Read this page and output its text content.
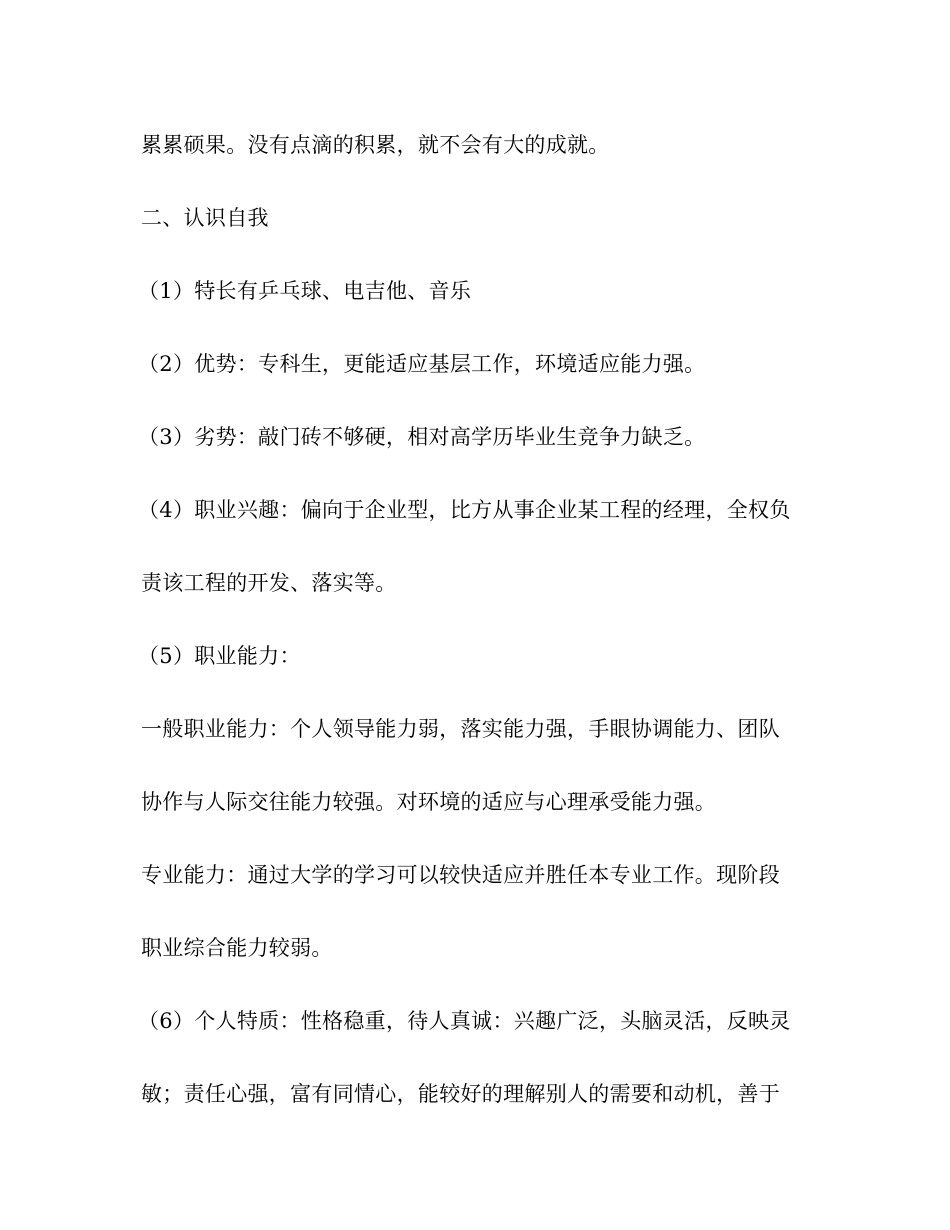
累累硕果。没有点滴的积累，就不会有大的成就。
二、认识自我
（1）特长有乒乓球、电吉他、音乐
（2）优势：专科生，更能适应基层工作，环境适应能力强。
（3）劣势：敲门砖不够硬，相对高学历毕业生竞争力缺乏。
（4）职业兴趣：偏向于企业型，比方从事企业某工程的经理，全权负
责该工程的开发、落实等。
（5）职业能力：
一般职业能力：个人领导能力弱，落实能力强，手眼协调能力、团队
协作与人际交往能力较强。对环境的适应与心理承受能力强。
专业能力：通过大学的学习可以较快适应并胜任本专业工作。现阶段
职业综合能力较弱。
（6）个人特质：性格稳重，待人真诚：兴趣广泛，头脑灵活，反映灵
敏；责任心强，富有同情心，能较好的理解别人的需要和动机，善于
